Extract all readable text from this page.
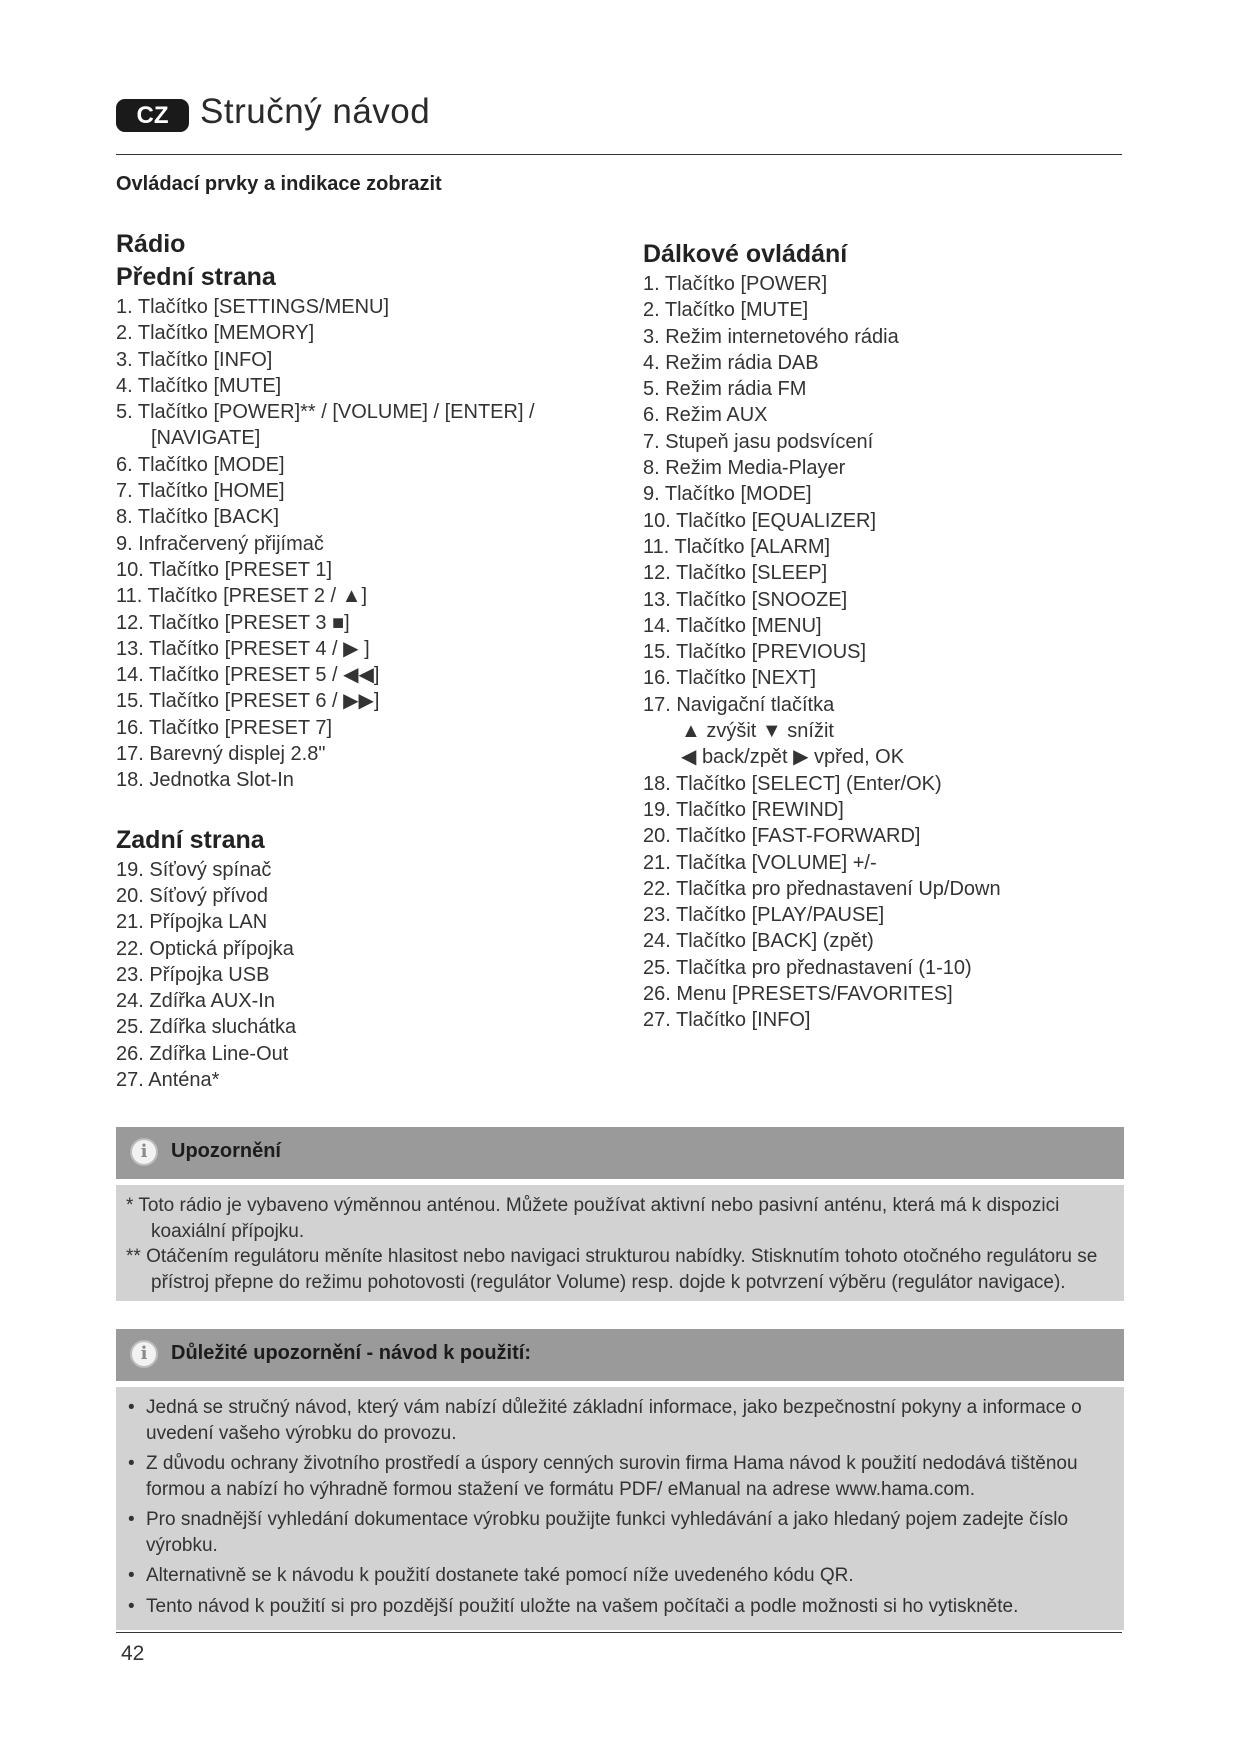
CZ Stručný návod
Ovládací prvky a indikace zobrazit
Rádio
Přední strana
1. Tlačítko [SETTINGS/MENU]
2. Tlačítko [MEMORY]
3. Tlačítko [INFO]
4. Tlačítko [MUTE]
5. Tlačítko [POWER]** / [VOLUME] / [ENTER] /
[NAVIGATE]
6. Tlačítko [MODE]
7. Tlačítko [HOME]
8. Tlačítko [BACK]
9. Infračervený přijímač
10. Tlačítko [PRESET 1]
11. Tlačítko [PRESET 2 / ▲]
12. Tlačítko [PRESET 3 ■]
13. Tlačítko [PRESET 4 / ▶ ]
14. Tlačítko [PRESET 5 / ◀◀]
15. Tlačítko [PRESET 6 / ▶▶]
16. Tlačítko [PRESET 7]
17. Barevný displej 2.8"
18. Jednotka Slot-In
Zadní strana
19. Síťový spínač
20. Síťový přívod
21. Přípojka LAN
22. Optická přípojka
23. Přípojka USB
24. Zdířka AUX-In
25. Zdířka sluchátka
26. Zdířka Line-Out
27. Anténa*
Dálkové ovládání
1. Tlačítko [POWER]
2. Tlačítko [MUTE]
3. Režim internetového rádia
4. Režim rádia DAB
5. Režim rádia FM
6. Režim AUX
7. Stupeň jasu podsvícení
8. Režim Media-Player
9. Tlačítko [MODE]
10. Tlačítko [EQUALIZER]
11. Tlačítko [ALARM]
12. Tlačítko [SLEEP]
13. Tlačítko [SNOOZE]
14. Tlačítko [MENU]
15. Tlačítko [PREVIOUS]
16. Tlačítko [NEXT]
17. Navigační tlačítka
▲ zvýšit ▼ snížit
◀ back/zpět ▶ vpřed, OK
18. Tlačítko [SELECT] (Enter/OK)
19. Tlačítko [REWIND]
20. Tlačítko [FAST-FORWARD]
21. Tlačítka [VOLUME] +/-
22. Tlačítka pro přednastavení Up/Down
23. Tlačítko [PLAY/PAUSE]
24. Tlačítko [BACK] (zpět)
25. Tlačítka pro přednastavení (1-10)
26. Menu [PRESETS/FAVORITES]
27. Tlačítko [INFO]
i	Upozornění

* Toto rádio je vybaveno výměnnou anténou. Můžete používat aktivní nebo pasivní anténu, která má k dispozici koaxiální přípojku.

** Otáčením regulátoru měníte hlasitost nebo navigaci strukturou nabídky. Stisknutím tohoto otočného regulátoru se přístroj přepne do režimu pohotovosti (regulátor Volume) resp. dojde k potvrzení výběru (regulátor navigace).

i	Důležité upozornění - návod k použití:
• Jedná se stručný návod, který vám nabízí důležité základní informace, jako bezpečnostní pokyny a informace o uvedení vašeho výrobku do provozu.
• Z důvodu ochrany životního prostředí a úspory cenných surovin firma Hama návod k použití nedodává tištěnou formou a nabízí ho výhradně formou stažení ve formátu PDF/ eManual na adrese www.hama.com.
• Pro snadnější vyhledání dokumentace výrobku použijte funkci vyhledávání a jako hledaný pojem zadejte číslo výrobku.
• Alternativně se k návodu k použití dostanete také pomocí níže uvedeného kódu QR.
• Tento návod k použití si pro pozdější použití uložte na vašem počítači a podle možnosti si ho vytiskněte.
42
